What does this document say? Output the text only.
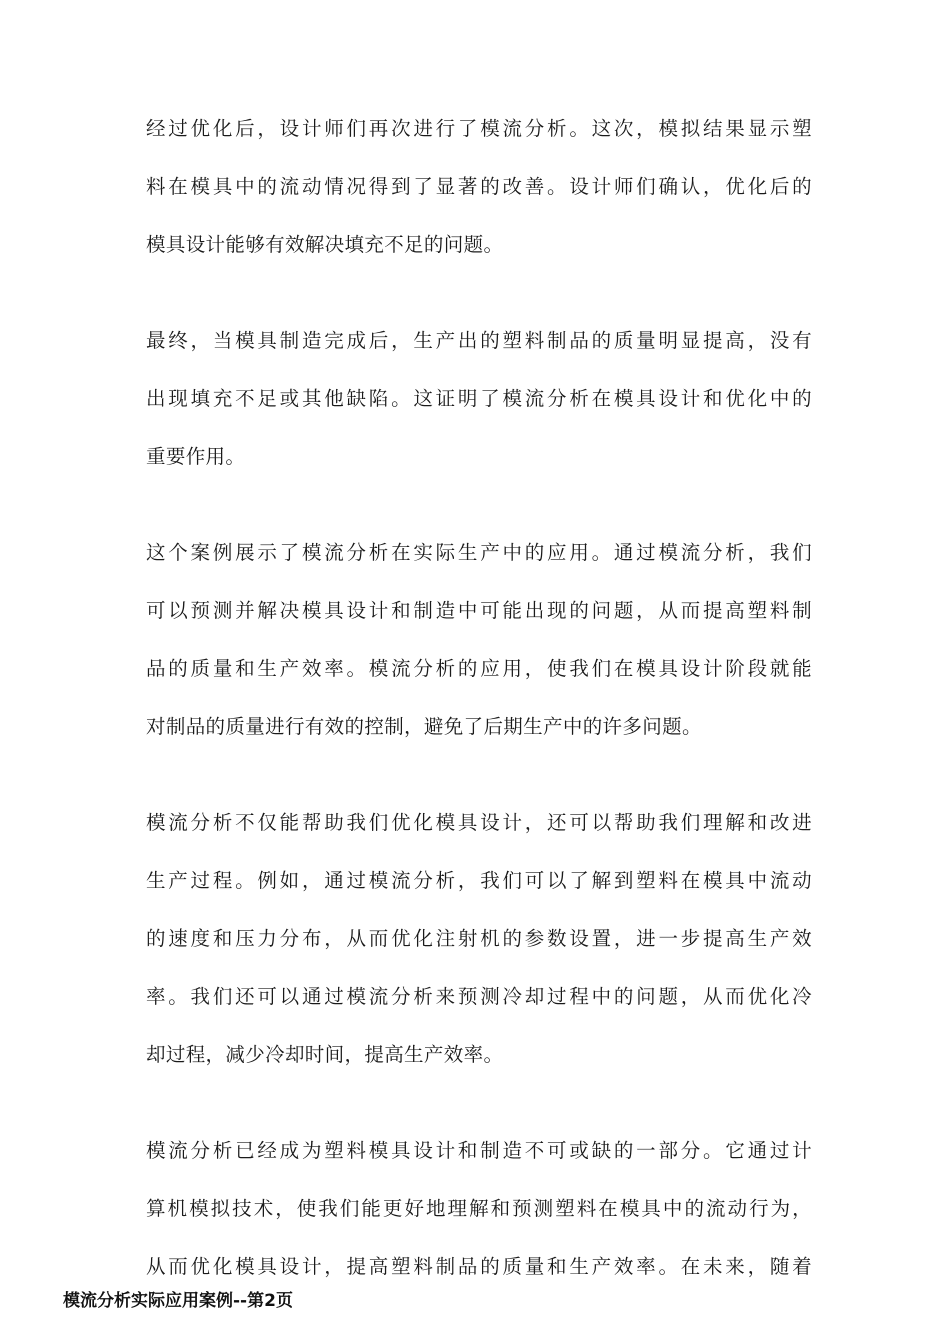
经过优化后，设计师们再次进行了模流分析。这次，模拟结果显示塑
料在模具中的流动情况得到了显著的改善。设计师们确认，优化后的
模具设计能够有效解决填充不足的问题。
最终，当模具制造完成后，生产出的塑料制品的质量明显提高，没有
出现填充不足或其他缺陷。这证明了模流分析在模具设计和优化中的
重要作用。
这个案例展示了模流分析在实际生产中的应用。通过模流分析，我们
可以预测并解决模具设计和制造中可能出现的问题，从而提高塑料制
品的质量和生产效率。模流分析的应用，使我们在模具设计阶段就能
对制品的质量进行有效的控制，避免了后期生产中的许多问题。
模流分析不仅能帮助我们优化模具设计，还可以帮助我们理解和改进
生产过程。例如，通过模流分析，我们可以了解到塑料在模具中流动
的速度和压力分布，从而优化注射机的参数设置，进一步提高生产效
率。我们还可以通过模流分析来预测冷却过程中的问题，从而优化冷
却过程，减少冷却时间，提高生产效率。
模流分析已经成为塑料模具设计和制造不可或缺的一部分。它通过计
算机模拟技术，使我们能更好地理解和预测塑料在模具中的流动行为，
从而优化模具设计，提高塑料制品的质量和生产效率。在未来，随着
模流分析实际应用案例--第2页
